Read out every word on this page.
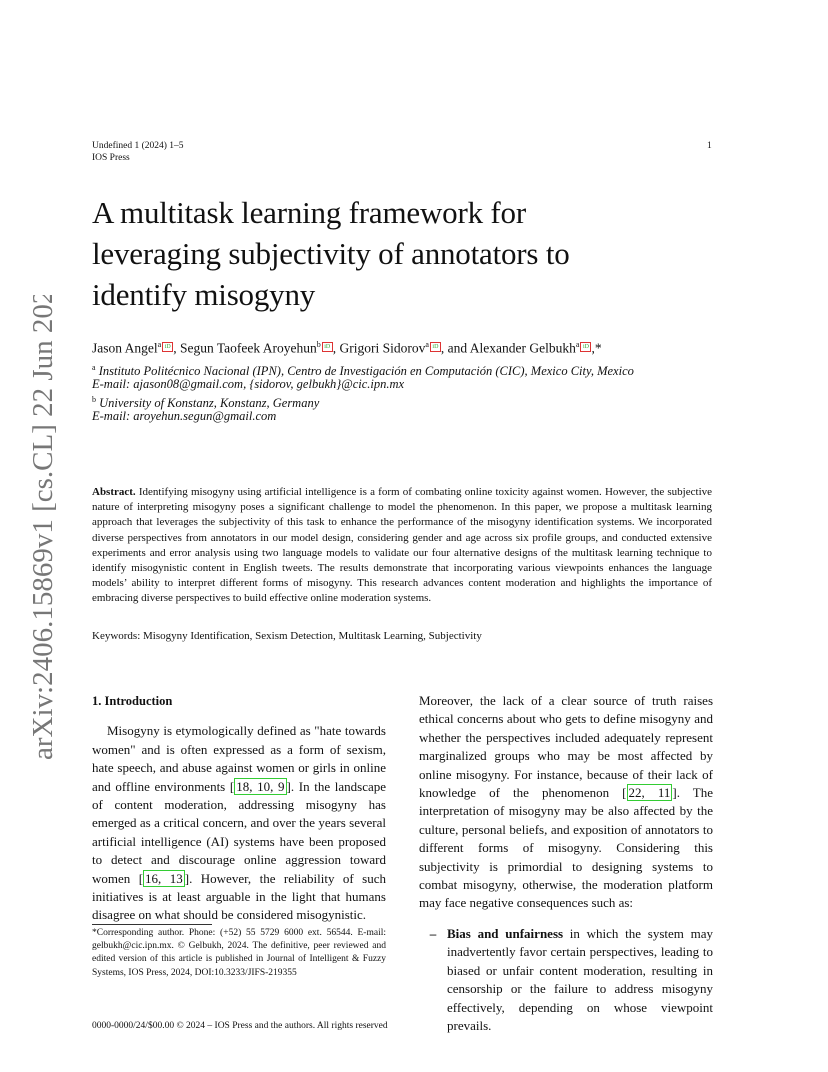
arXiv:2406.15869v1 [cs.CL] 22 Jun 2024
Undefined 1 (2024) 1–5
IOS Press
1
A multitask learning framework for
leveraging subjectivity of annotators to
identify misogyny
Jason Angel$^a$ iD , Segun Taofeek Aroyehun$^b$ iD , Grigori Sidorov$^a$ iD , and Alexander Gelbukh$^a$ iD ,*
$^a$ Instituto Politécnico Nacional (IPN), Centro de Investigación en Computación (CIC), Mexico City, Mexico
E-mail: ajason08@gmail.com, {sidorov, gelbukh}@cic.ipn.mx
$^b$ University of Konstanz, Konstanz, Germany
E-mail: aroyehun.segun@gmail.com
Abstract. Identifying misogyny using artificial intelligence is a form of combating online toxicity against women. However, the subjective nature of interpreting misogyny poses a significant challenge to model the phenomenon. In this paper, we propose a multitask learning approach that leverages the subjectivity of this task to enhance the performance of the misogyny identification systems. We incorporated diverse perspectives from annotators in our model design, considering gender and age across six profile groups, and conducted extensive experiments and error analysis using two language models to validate our four alternative designs of the multitask learning technique to identify misogynistic content in English tweets. The results demonstrate that incorporating various viewpoints enhances the language models’ ability to interpret different forms of misogyny. This research advances content moderation and highlights the importance of embracing diverse perspectives to build effective online moderation systems.
Keywords: Misogyny Identification, Sexism Detection, Multitask Learning, Subjectivity
1. Introduction
Misogyny is etymologically defined as "hate towards women" and is often expressed as a form of sexism, hate speech, and abuse against women or girls in online and offline environments [ 18, 10, 9 ]. In the landscape of content moderation, addressing misogyny has emerged as a critical concern, and over the years several artificial intelligence (AI) systems have been proposed to detect and discourage online aggression toward women [ 16, 13 ]. However, the reliability of such initiatives is at least arguable in the light that humans disagree on what should be considered misogynistic.
Moreover, the lack of a clear source of truth raises ethical concerns about who gets to define misogyny and whether the perspectives included adequately represent marginalized groups who may be most affected by online misogyny. For instance, because of their lack of knowledge of the phenomenon [ 22, 11 ]. The interpretation of misogyny may be also affected by the culture, personal beliefs, and exposition of annotators to different forms of misogyny. Considering this subjectivity is primordial to designing systems to combat misogyny, otherwise, the moderation platform may face negative consequences such as:
– Bias and unfairness in which the system may inadvertently favor certain perspectives, leading to biased or unfair content moderation, resulting in censorship or the failure to address misogyny effectively, depending on whose viewpoint prevails.
*Corresponding author. Phone: (+52) 55 5729 6000 ext. 56544. E-mail: gelbukh@cic.ipn.mx. © Gelbukh, 2024. The definitive, peer reviewed and edited version of this article is published in Journal of Intelligent & Fuzzy Systems, IOS Press, 2024, DOI:10.3233/JIFS-219355
0000-0000/24/$00.00 © 2024 – IOS Press and the authors. All rights reserved
